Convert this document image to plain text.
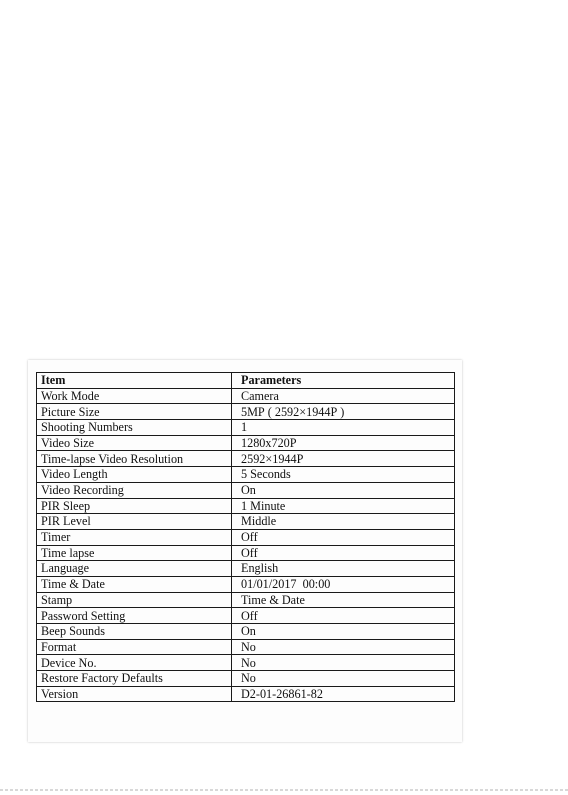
Item	Parameters
Work Mode	Camera
Picture Size	5MP ( 2592×1944P )
Shooting Numbers	1
Video Size	1280x720P
Time-lapse Video Resolution	2592×1944P
Video Length	5 Seconds
Video Recording	On
PIR Sleep	1 Minute
PIR Level	Middle
Timer	Off
Time lapse	Off
Language	English
Time & Date	01/01/2017  00:00
Stamp	Time & Date
Password Setting	Off
Beep Sounds	On
Format	No
Device No.	No
Restore Factory Defaults	No
Version	D2-01-26861-82
